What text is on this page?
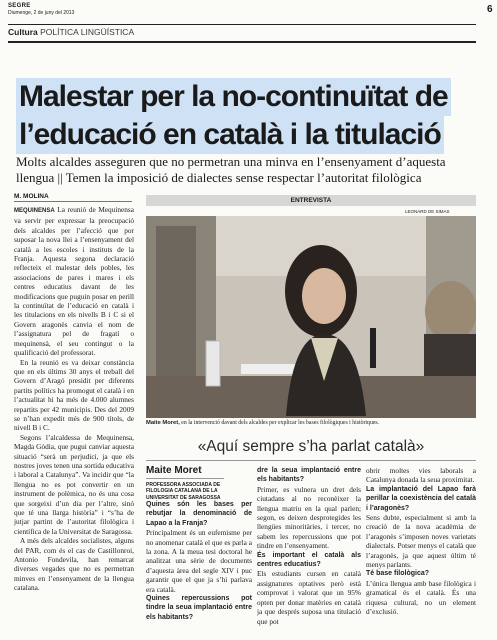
SEGRE
Diumenge, 2 de juny del 2013	6
Cultura POLÍTICA LINGÜÍSTICA
Malestar per la no-continuïtat de
l’educació en català i la titulació
Molts alcaldes asseguren que no permetran una minva en l’ensenyament d’aquesta
llengua || Temen la imposició de dialectes sense respectar l’autoritat filològica
M. MOLINA

MEQUINENSA La reunió de Mequinensa va servir per expressar la preocupació dels alcaldes per l’afecció que por suposar la nova llei a l’ensenyament del català a les escoles i instituts de la Franja. Aquesta segona declaració reflecteix el malestar dels pobles, les associacions de pares i mares i els centres educatius davant de les modificacions que puguin posar en perill la continuïtat de l’educació en català i les titulacions en els nivells B i C si el Govern aragonès canvia el nom de l’assignatura pel de fragatí o mequinensà, el seu contingut o la qualificació del professorat.

En la reunió es va deixar constància que en els últims 30 anys el treball del Govern d’Aragó presidit per diferents partits polítics ha promogut el català i en l’actualitat hi ha més de 4.000 alumnes repartits per 42 municipis. Des del 2009 se n’han expedit més de 900 títols, de nivell B i C.

Segons l’alcaldessa de Mequinensa, Magda Gòdia, que pugui canviar aquesta situació “serà un perjudici, ja que els nostres joves tenen una sortida educativa i laboral a Catalunya”. Va incidir que “la llengua no es pot convertir en un instrument de polèmica, no és una cosa que sorgeixi d’un dia per l’altre, sinó que té una llarga història” i “s’ha de jutjar partint de l’autoritat filològica i científica de la Universitat de Saragossa.

A més dels alcaldes socialistes, alguns del PAR, com és el cas de Castillonroi, Antonio Fondevila, han remarcat diverses vegades que no es permetran minves en l’ensenyament de la llengua catalana.

ENTREVISTA
LEONARD DE SIMAS
Maite Moret, en la intervenció davant dels alcaldes per explicar les bases filològiques i històriques.
«Aquí sempre s’ha parlat català»
Maite Moret
PROFESSORA ASSOCIADA DE FILOLOGIA CATALANA DE LA UNIVERSITAT DE SARAGOSSA

Quines són les bases per rebutjar la denominació de Lapao a la Franja?

Principalment és un eufemisme per no anomenar català el que es parla a la zona. A la meua tesi doctoral he analitzat una sèrie de documents d’aquesta àrea del segle XIV i puc garantir que el que ja s’hi parlava era català.

Quines repercussions pot tindre la seua implantació entre els habitants?

dre la seua implantació entre els habitants?

Primer, es vulnera un dret dels ciutadans al no reconèixer la llengua matriu en la qual parlen; segon, es deixen desprotegides les llengües minoritàries, i tercer, no sabem les repercussions que pot tindre en l’ensenyament.

És important el català als centres educatius?

Els estudiants cursen en català assignatures optatives però està comprovat i valorat que un 95% opten per donar matèries en català ja que després suposa una titulació que pot

obrir moltes vies laborals a Catalunya donada la seua proximitat.

La implantació del Lapao farà perillar la coexistència del català i l’aragonès?

Sens dubte, especialment si amb la creació de la nova acadèmia de l’aragonès s’imposen noves varietats dialectals. Potser menys el català que l’aragonès, ja que aquest últim té menys parlants.

Té base filològica?

L’única llengua amb base filològica i gramatical és el català. És una riquesa cultural, no un element d’exclusió.
